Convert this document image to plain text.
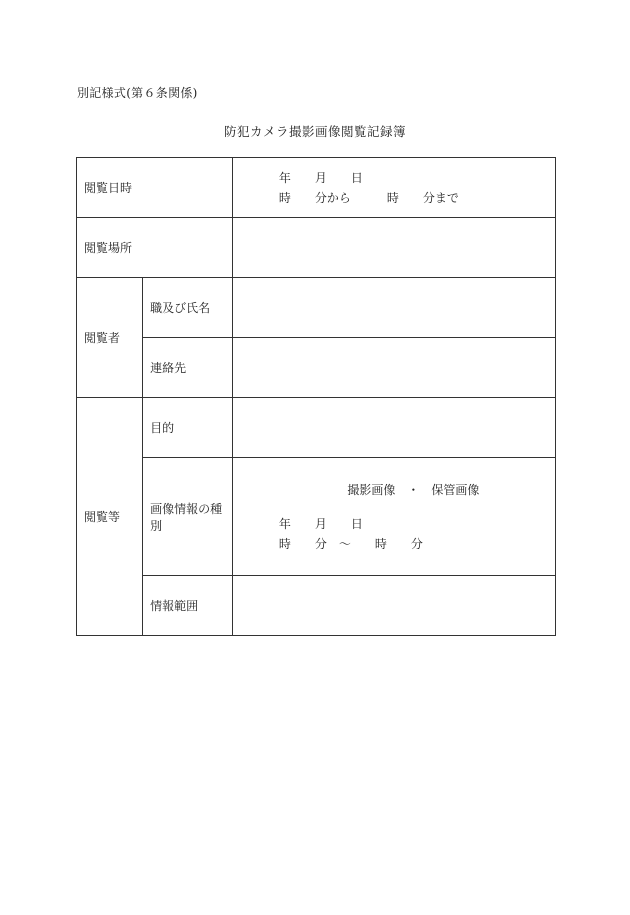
別記様式(第６条関係)
防犯カメラ撮影画像閲覧記録簿
閲覧日時		年　　月　　日
時　　分から　　　時　　分まで

閲覧場所		
閲覧者	職及び氏名	
	連絡先	
閲覧等	目的	
	画像情報の種別	撮影画像　・　保管画像
年　　月　　日
時　　分　～　　時　　分

	情報範囲	
